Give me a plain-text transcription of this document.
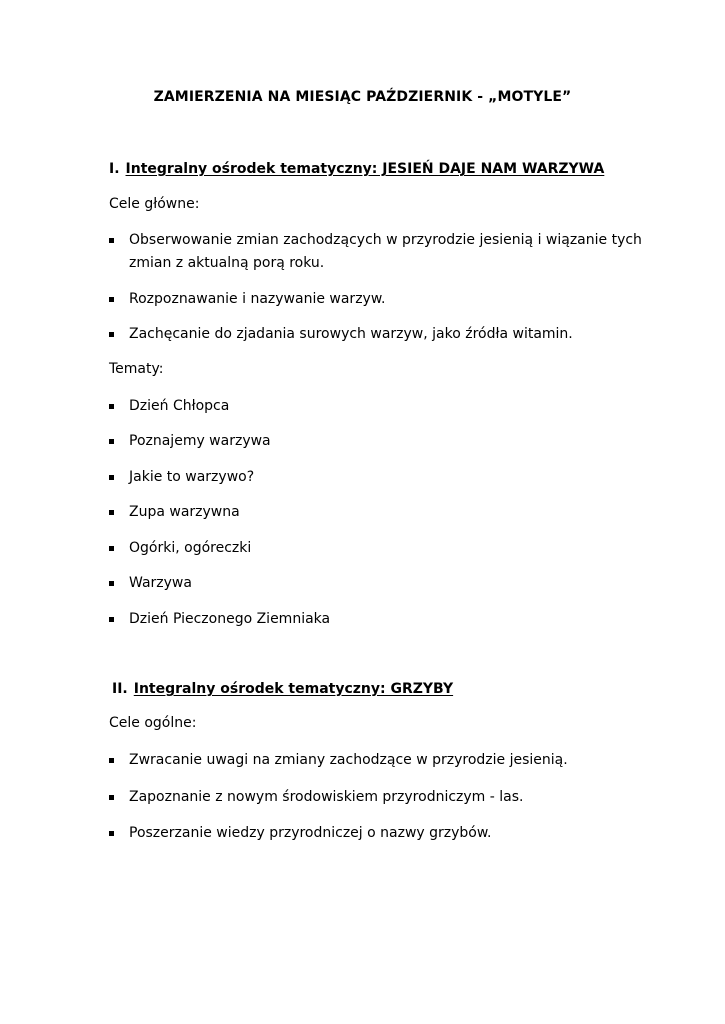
ZAMIERZENIA NA MIESIĄC PAŹDZIERNIK - „MOTYLE”
I. Integralny ośrodek tematyczny: JESIEŃ DAJE NAM WARZYWA
Cele główne:
Obserwowanie zmian zachodzących w przyrodzie jesienią i wiązanie tych zmian z aktualną porą roku.
Rozpoznawanie i nazywanie warzyw.
Zachęcanie do zjadania surowych warzyw, jako źródła witamin.
Tematy:
Dzień Chłopca
Poznajemy warzywa
Jakie to warzywo?
Zupa warzywna
Ogórki, ogóreczki
Warzywa
Dzień Pieczonego Ziemniaka
II. Integralny ośrodek tematyczny: GRZYBY
Cele ogólne:
Zwracanie uwagi na zmiany zachodzące w przyrodzie jesienią.
Zapoznanie z nowym środowiskiem przyrodniczym - las.
Poszerzanie wiedzy przyrodniczej o nazwy grzybów.
